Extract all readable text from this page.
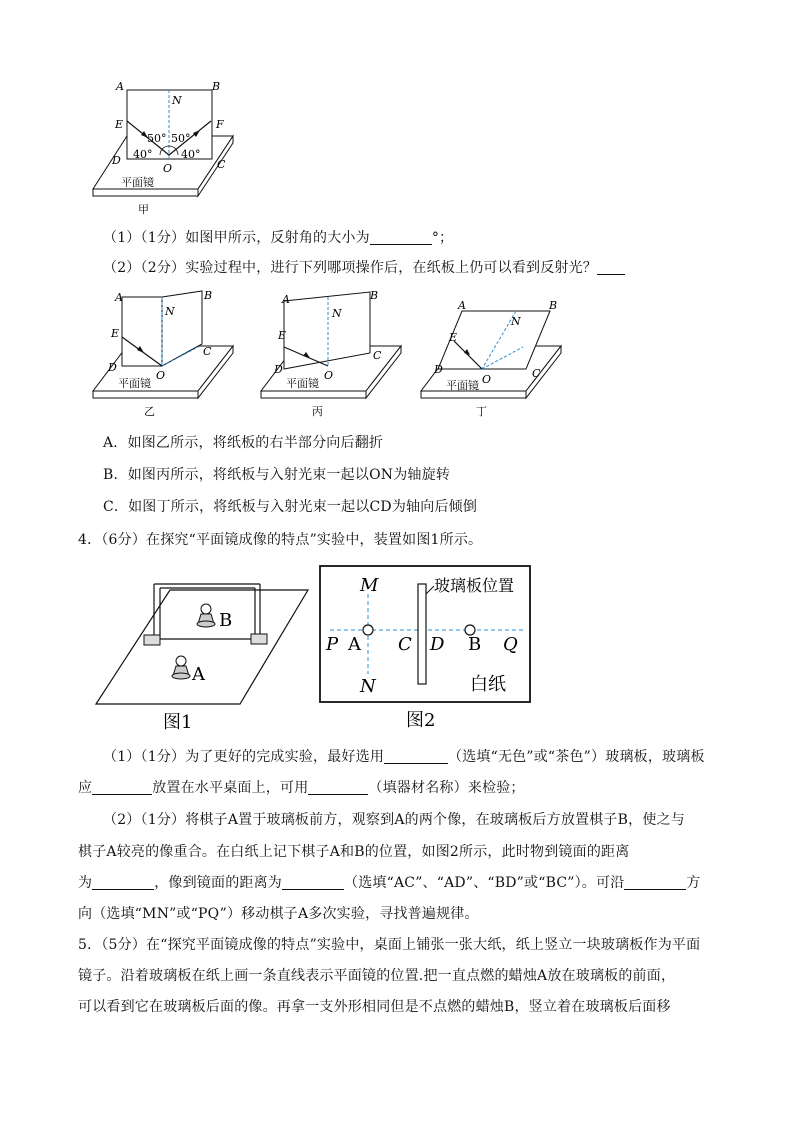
A	B
N
E	F
D
O	C
50° 50°
40°	40°
平面镜
甲
（1）（1分）如图甲所示，反射角的大小为	°；
（2）（2分）实验过程中，进行下列哪项操作后，在纸板上仍可以看到反射光？
A	B
N
E
C
D
O
平面镜
乙
A	B
N
E
C
D	O
平面镜
丙
A	B
N
E
C
D
O
平面镜
丁
A．如图乙所示，将纸板的右半部分向后翻折
B．如图丙所示，将纸板与入射光束一起以ON为轴旋转
C．如图丁所示，将纸板与入射光束一起以CD为轴向后倾倒
4．（6分）在探究“平面镜成像的特点”实验中，装置如图1所示。
B
A
图1
玻璃板位置
M
N
P A C D B Q
白纸
图2
（1）（1分）为了更好的完成实验，最好选用	（选填“无色”或“茶色”）玻璃板，玻璃板
应	放置在水平桌面上，可用	（填器材名称）来检验；
（2）（1分）将棋子A置于玻璃板前方，观察到A的两个像，在玻璃板后方放置棋子B，使之与
棋子A较亮的像重合。在白纸上记下棋子A和B的位置，如图2所示，此时物到镜面的距离
为	，像到镜面的距离为	（选填“AC”、“AD”、“BD”或“BC”）。可沿	方
向（选填“MN”或“PQ”）移动棋子A多次实验，寻找普遍规律。
5．（5分）在“探究平面镜成像的特点”实验中，桌面上铺张一张大纸，纸上竖立一块玻璃板作为平面
镜子。沿着玻璃板在纸上画一条直线表示平面镜的位置.把一直点燃的蜡烛A放在玻璃板的前面，
可以看到它在玻璃板后面的像。再拿一支外形相同但是不点燃的蜡烛B，竖立着在玻璃板后面移
